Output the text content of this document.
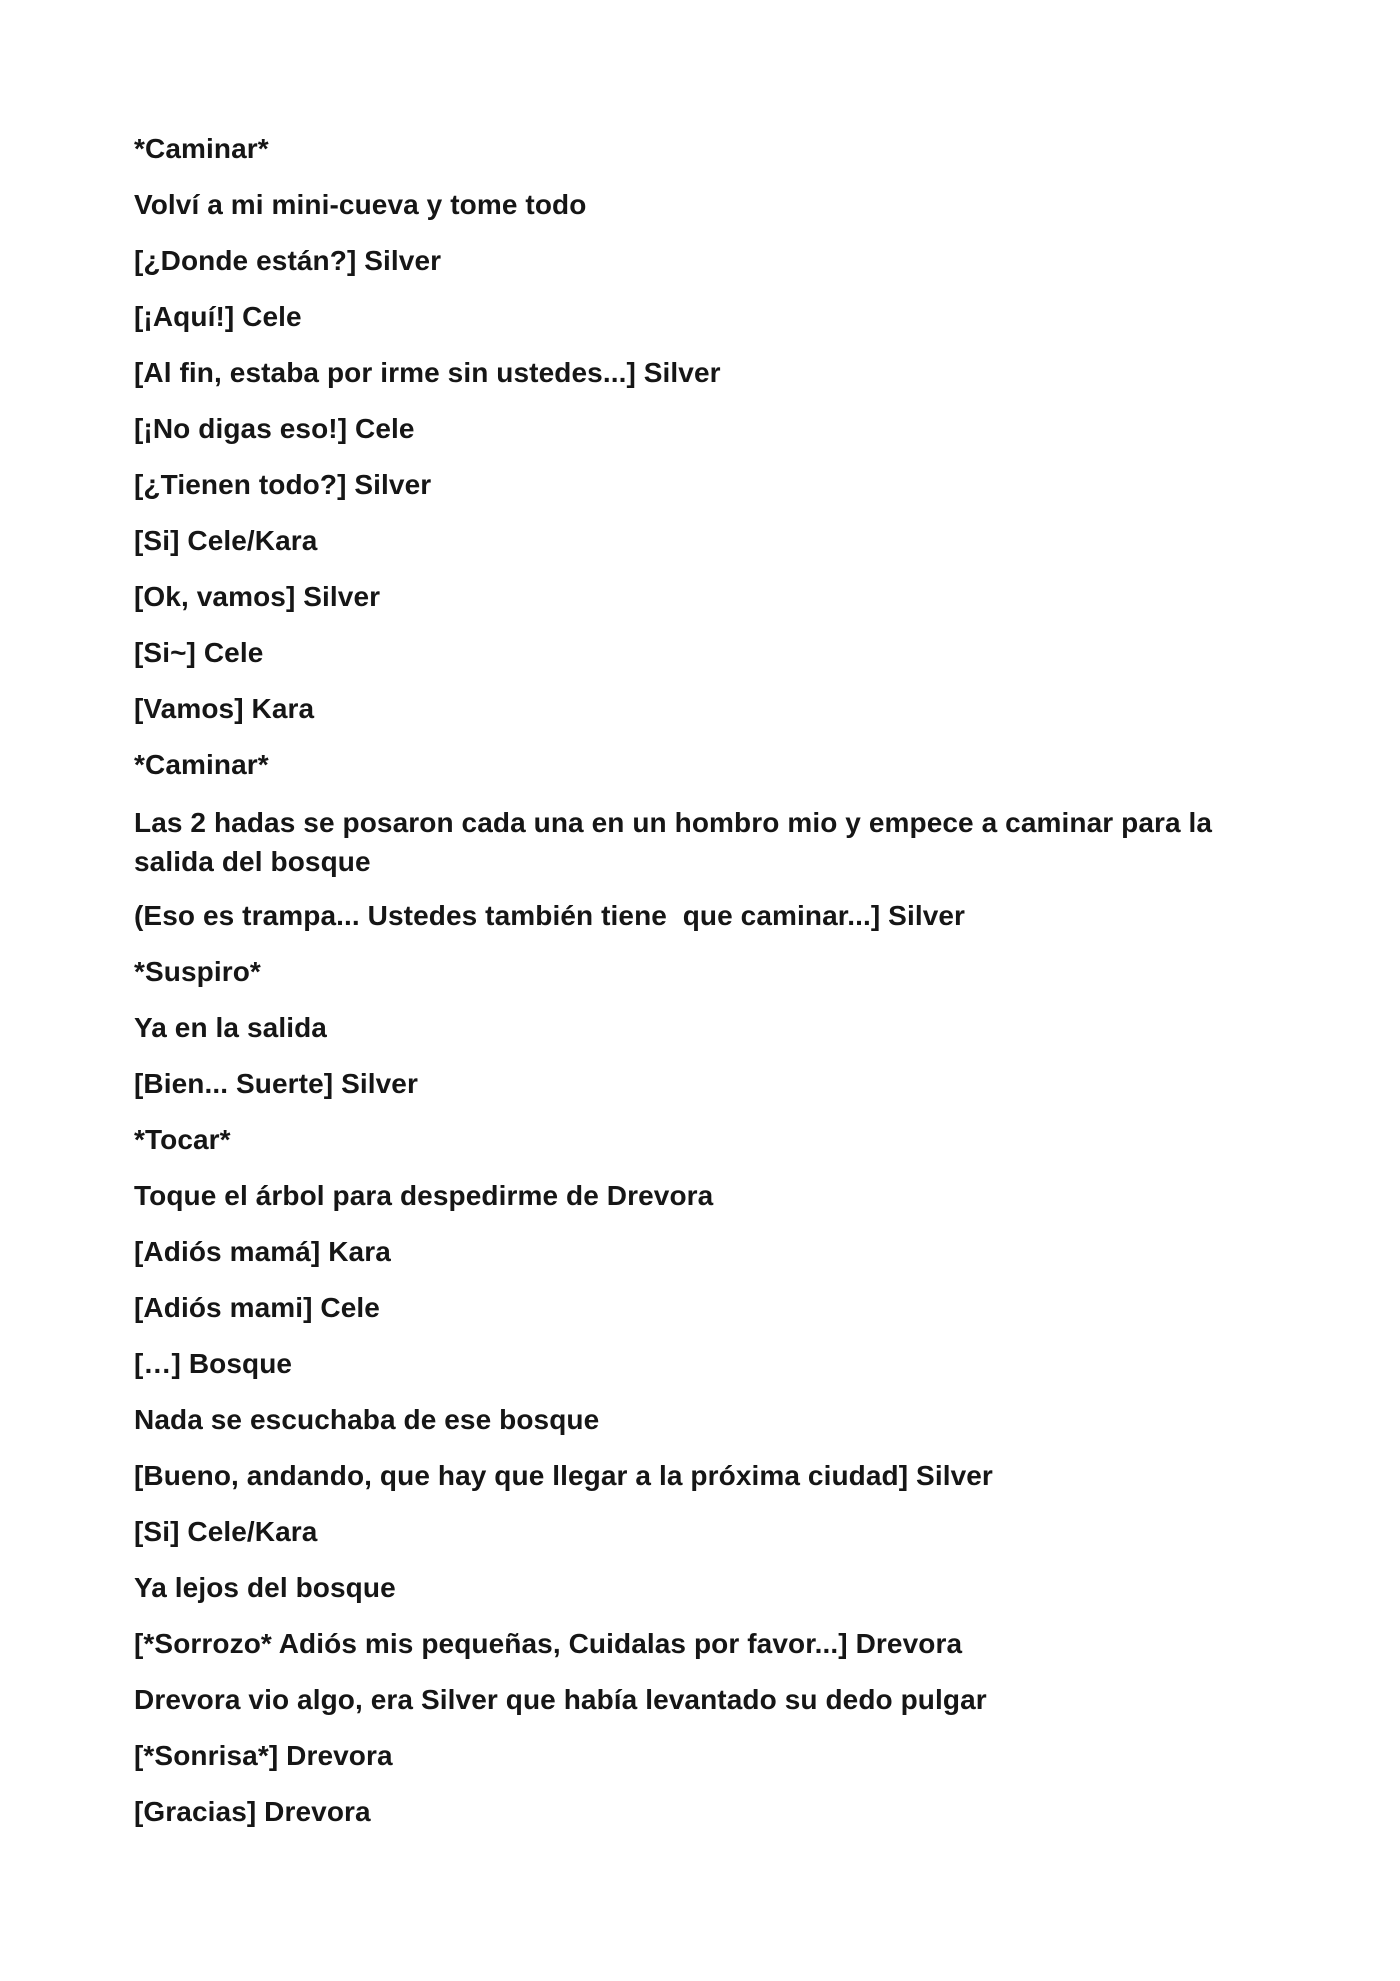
*Caminar*

Volví a mi mini-cueva y tome todo

[¿Donde están?] Silver

[¡Aquí!] Cele

[Al fin, estaba por irme sin ustedes...] Silver

[¡No digas eso!] Cele

[¿Tienen todo?] Silver

[Si] Cele/Kara

[Ok, vamos] Silver

[Si~] Cele

[Vamos] Kara

*Caminar*

Las 2 hadas se posaron cada una en un hombro mio y empece a caminar para la salida del bosque

(Eso es trampa... Ustedes también tiene  que caminar...] Silver

*Suspiro*

Ya en la salida

[Bien... Suerte] Silver

*Tocar*

Toque el árbol para despedirme de Drevora

[Adiós mamá] Kara

[Adiós mami] Cele

[…] Bosque

Nada se escuchaba de ese bosque

[Bueno, andando, que hay que llegar a la próxima ciudad] Silver

[Si] Cele/Kara

Ya lejos del bosque

[*Sorrozo* Adiós mis pequeñas, Cuidalas por favor...] Drevora

Drevora vio algo, era Silver que había levantado su dedo pulgar

[*Sonrisa*] Drevora

[Gracias] Drevora
